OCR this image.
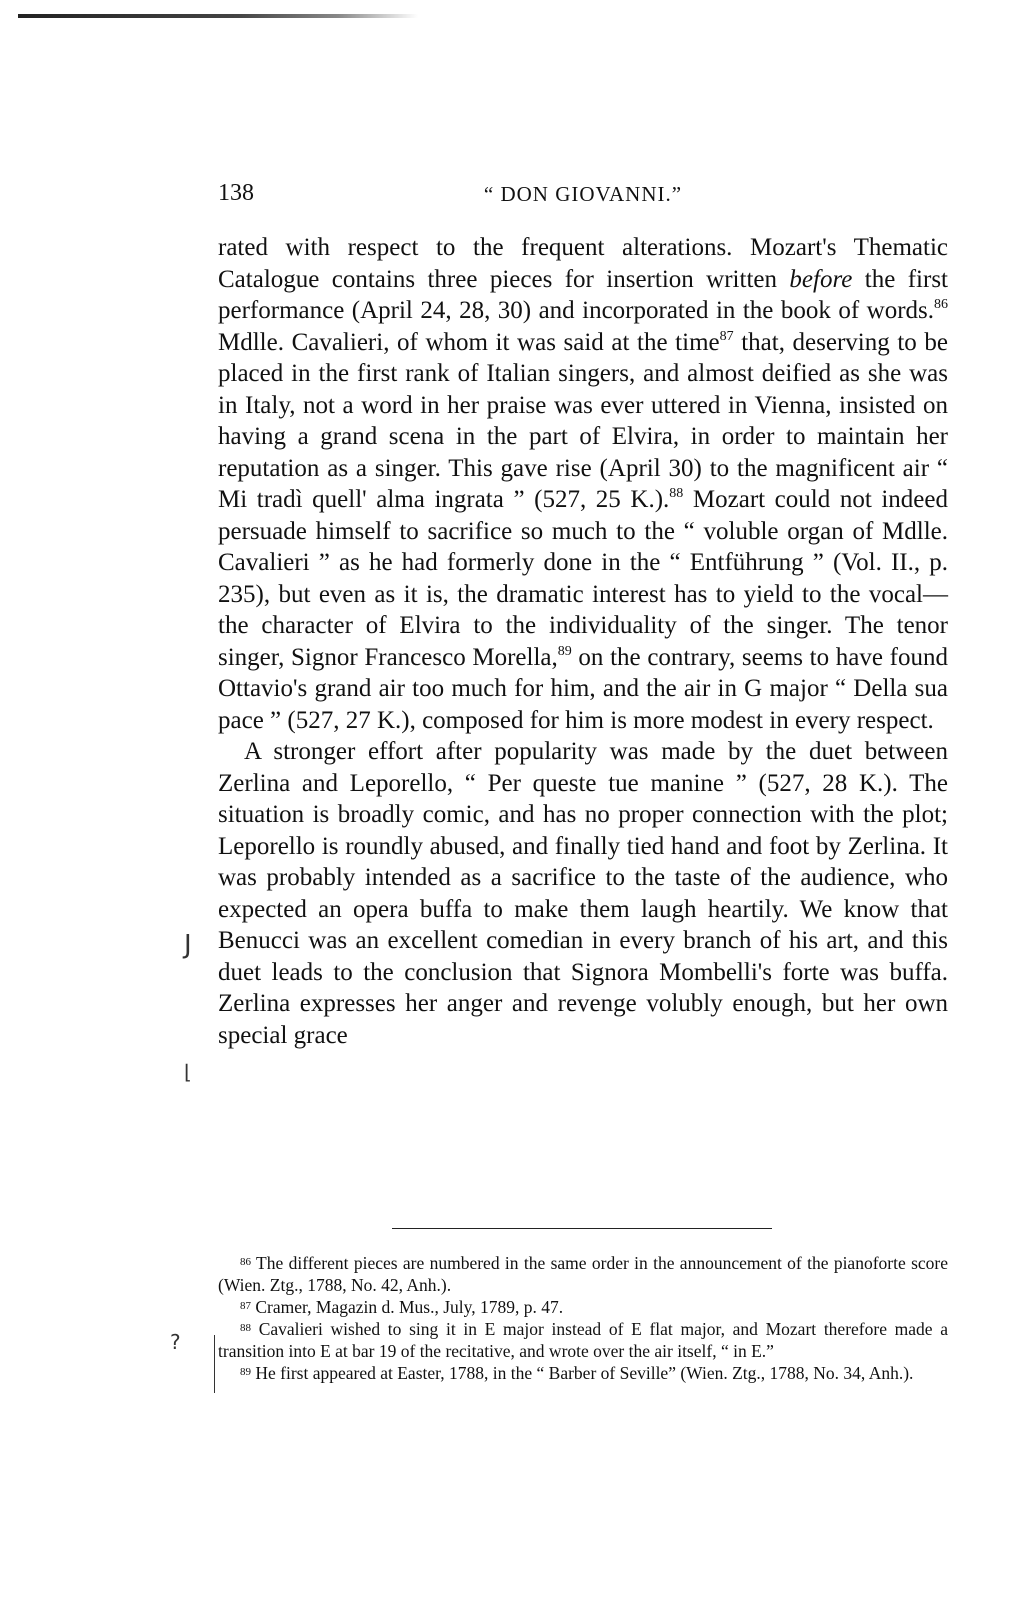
138	“ DON GIOVANNI.”

rated with respect to the frequent alterations. Mozart's Thematic Catalogue contains three pieces for insertion written before the first performance (April 24, 28, 30) and incorporated in the book of words.$^{86}$ Mdlle. Cavalieri, of whom it was said at the time$^{87}$ that, deserving to be placed in the first rank of Italian singers, and almost deified as she was in Italy, not a word in her praise was ever uttered in Vienna, insisted on having a grand scena in the part of Elvira, in order to maintain her reputation as a singer. This gave rise (April 30) to the magnificent air “ Mi tradì quell' alma ingrata ” (527, 25 K.).$^{88}$ Mozart could not indeed persuade himself to sacrifice so much to the “ voluble organ of Mdlle. Cavalieri ” as he had formerly done in the “ Entführung ” (Vol. II., p. 235), but even as it is, the dramatic interest has to yield to the vocal—the character of Elvira to the individuality of the singer. The tenor singer, Signor Francesco Morella,$^{89}$ on the contrary, seems to have found Ottavio's grand air too much for him, and the air in G major “ Della sua pace ” (527, 27 K.), composed for him is more modest in every respect.

A stronger effort after popularity was made by the duet between Zerlina and Leporello, “ Per queste tue manine ” (527, 28 K.). The situation is broadly comic, and has no proper connection with the plot; Leporello is roundly abused, and finally tied hand and foot by Zerlina. It was probably intended as a sacrifice to the taste of the audience, who expected an opera buffa to make them laugh heartily. We know that Benucci was an excellent comedian in every branch of his art, and this duet leads to the conclusion that Signora Mombelli's forte was buffa. Zerlina expresses her anger and revenge volubly enough, but her own special grace

$^{86}$ The different pieces are numbered in the same order in the announcement of the pianoforte score (Wien. Ztg., 1788, No. 42, Anh.).

$^{87}$ Cramer, Magazin d. Mus., July, 1789, p. 47.

$^{88}$ Cavalieri wished to sing it in E major instead of E flat major, and Mozart therefore made a transition into E at bar 19 of the recitative, and wrote over the air itself, “ in E.”

$^{89}$ He first appeared at Easter, 1788, in the “ Barber of Seville” (Wien. Ztg., 1788, No. 34, Anh.).

J
⌊
?
